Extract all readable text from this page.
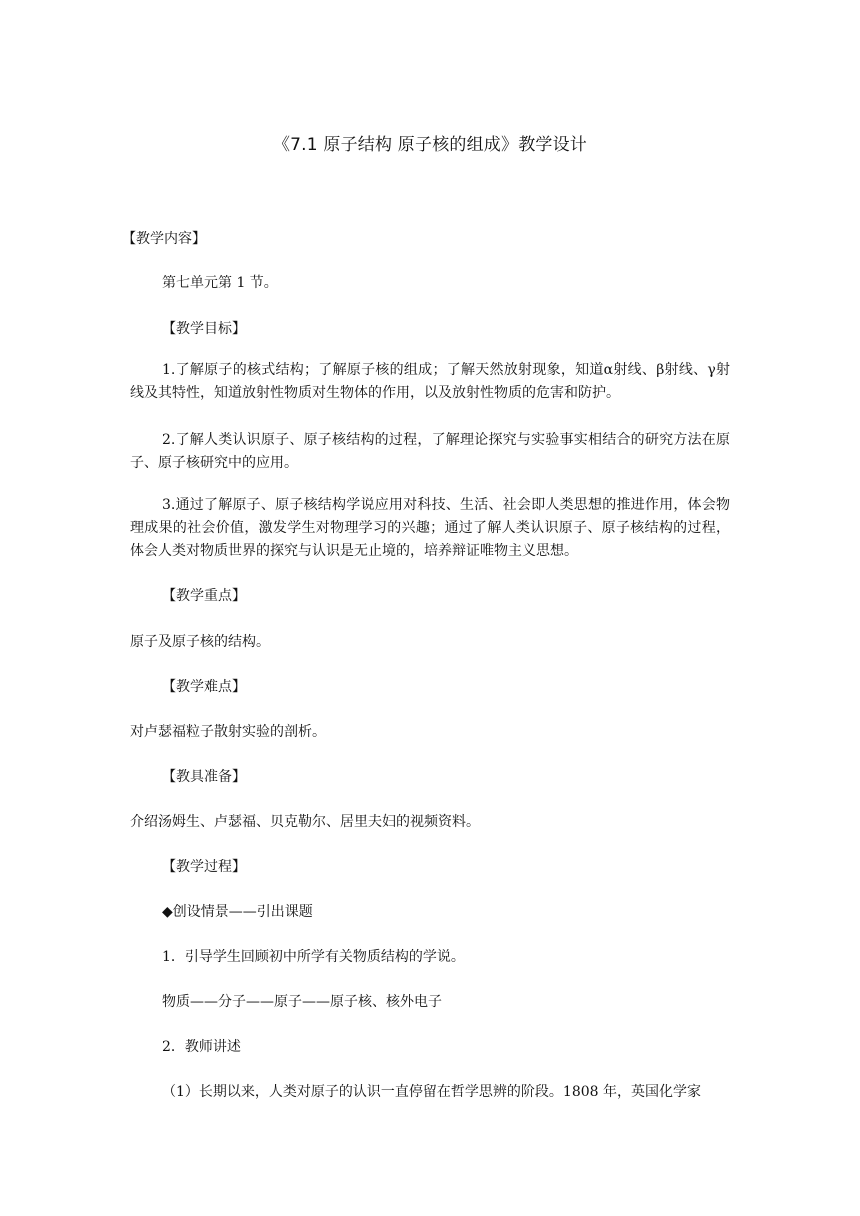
《7.1 原子结构 原子核的组成》教学设计
【教学内容】
第七单元第 1 节。
【教学目标】
1.了解原子的核式结构；了解原子核的组成；了解天然放射现象，知道α射线、β射线、γ射线及其特性，知道放射性物质对生物体的作用，以及放射性物质的危害和防护。
2.了解人类认识原子、原子核结构的过程，了解理论探究与实验事实相结合的研究方法在原子、原子核研究中的应用。
3.通过了解原子、原子核结构学说应用对科技、生活、社会即人类思想的推进作用，体会物理成果的社会价值，激发学生对物理学习的兴趣；通过了解人类认识原子、原子核结构的过程，体会人类对物质世界的探究与认识是无止境的，培养辩证唯物主义思想。
【教学重点】
原子及原子核的结构。
【教学难点】
对卢瑟福粒子散射实验的剖析。
【教具准备】
介绍汤姆生、卢瑟福、贝克勒尔、居里夫妇的视频资料。
【教学过程】
◆创设情景——引出课题
1．引导学生回顾初中所学有关物质结构的学说。
物质——分子——原子——原子核、核外电子
2．教师讲述
（1）长期以来，人类对原子的认识一直停留在哲学思辨的阶段。1808 年，英国化学家
